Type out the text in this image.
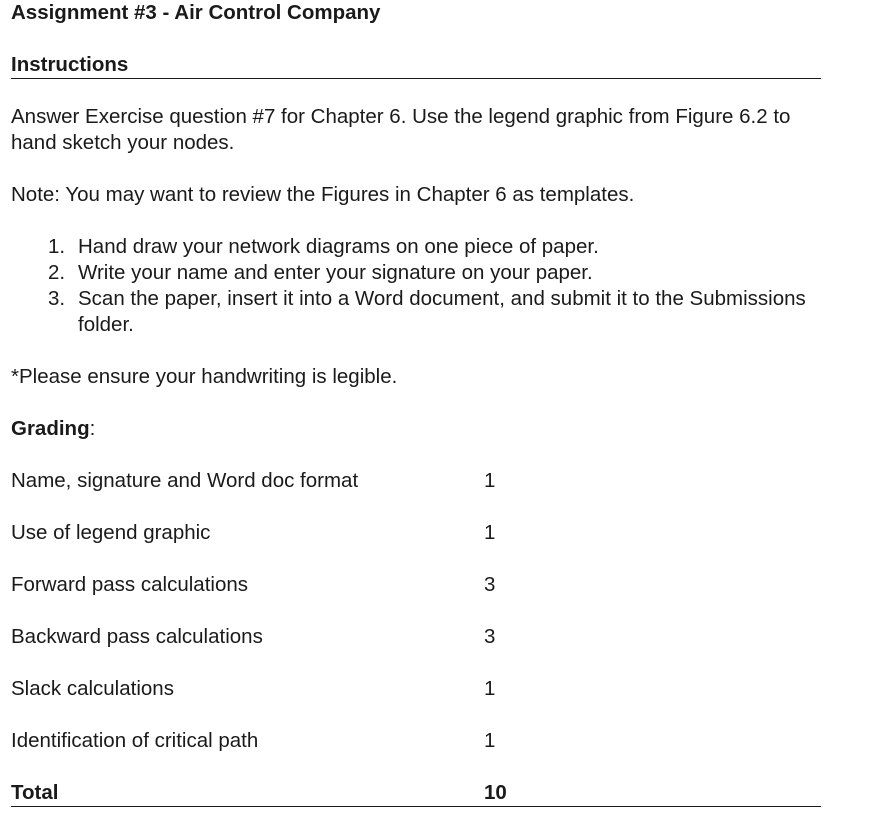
Assignment #3 - Air Control Company

Instructions

Answer Exercise question #7 for Chapter 6. Use the legend graphic from Figure 6.2 to hand sketch your nodes.

Note: You may want to review the Figures in Chapter 6 as templates.

1. Hand draw your network diagrams on one piece of paper.
2. Write your name and enter your signature on your paper.
3. Scan the paper, insert it into a Word document, and submit it to the Submissions folder.

*Please ensure your handwriting is legible.

Grading:

Name, signature and Word doc format	1
Use of legend graphic	1
Forward pass calculations	3
Backward pass calculations	3
Slack calculations	1
Identification of critical path	1
Total	10
